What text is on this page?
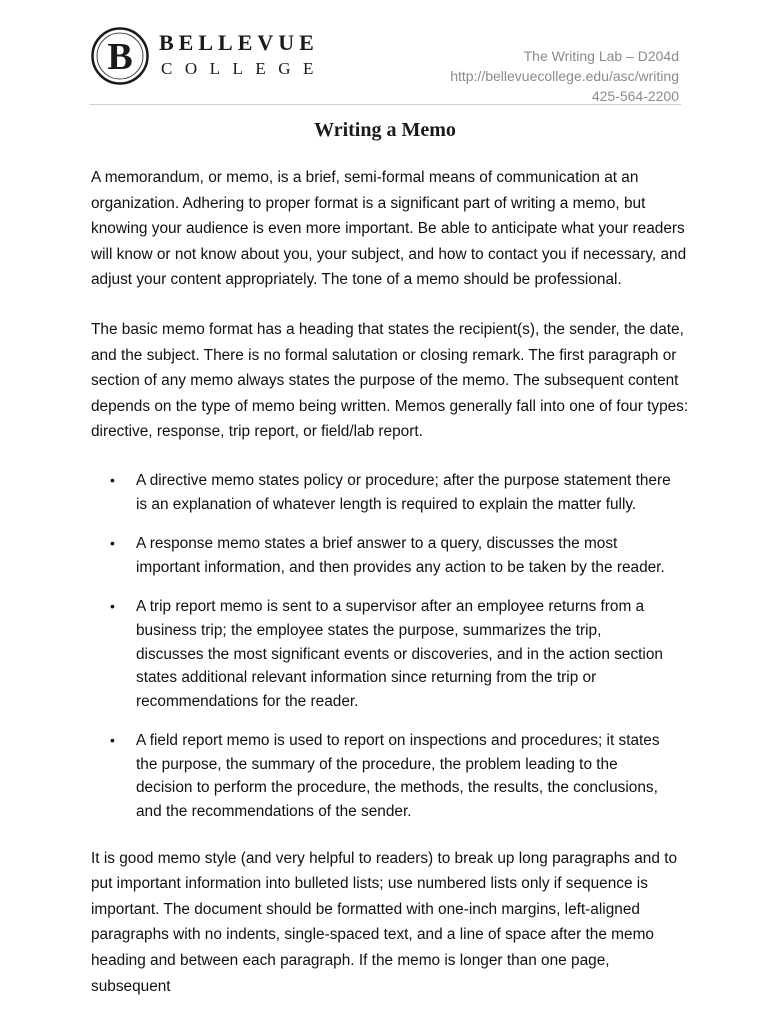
B BELLEVUE
COLLEGE
The Writing Lab – D204d
http://bellevuecollege.edu/asc/writing
425-564-2200
Writing a Memo

A memorandum, or memo, is a brief, semi-formal means of communication at an organization. Adhering to proper format is a significant part of writing a memo, but knowing your audience is even more important. Be able to anticipate what your readers will know or not know about you, your subject, and how to contact you if necessary, and adjust your content appropriately. The tone of a memo should be professional.

The basic memo format has a heading that states the recipient(s), the sender, the date, and the subject. There is no formal salutation or closing remark. The first paragraph or section of any memo always states the purpose of the memo. The subsequent content depends on the type of memo being written. Memos generally fall into one of four types: directive, response, trip report, or field/lab report.

• A directive memo states policy or procedure; after the purpose statement there is an explanation of whatever length is required to explain the matter fully.
• A response memo states a brief answer to a query, discusses the most important information, and then provides any action to be taken by the reader.
• A trip report memo is sent to a supervisor after an employee returns from a business trip; the employee states the purpose, summarizes the trip, discusses the most significant events or discoveries, and in the action section states additional relevant information since returning from the trip or recommendations for the reader.
• A field report memo is used to report on inspections and procedures; it states the purpose, the summary of the procedure, the problem leading to the decision to perform the procedure, the methods, the results, the conclusions, and the recommendations of the sender.

It is good memo style (and very helpful to readers) to break up long paragraphs and to put important information into bulleted lists; use numbered lists only if sequence is important. The document should be formatted with one-inch margins, left-aligned paragraphs with no indents, single-spaced text, and a line of space after the memo heading and between each paragraph. If the memo is longer than one page, subsequent
